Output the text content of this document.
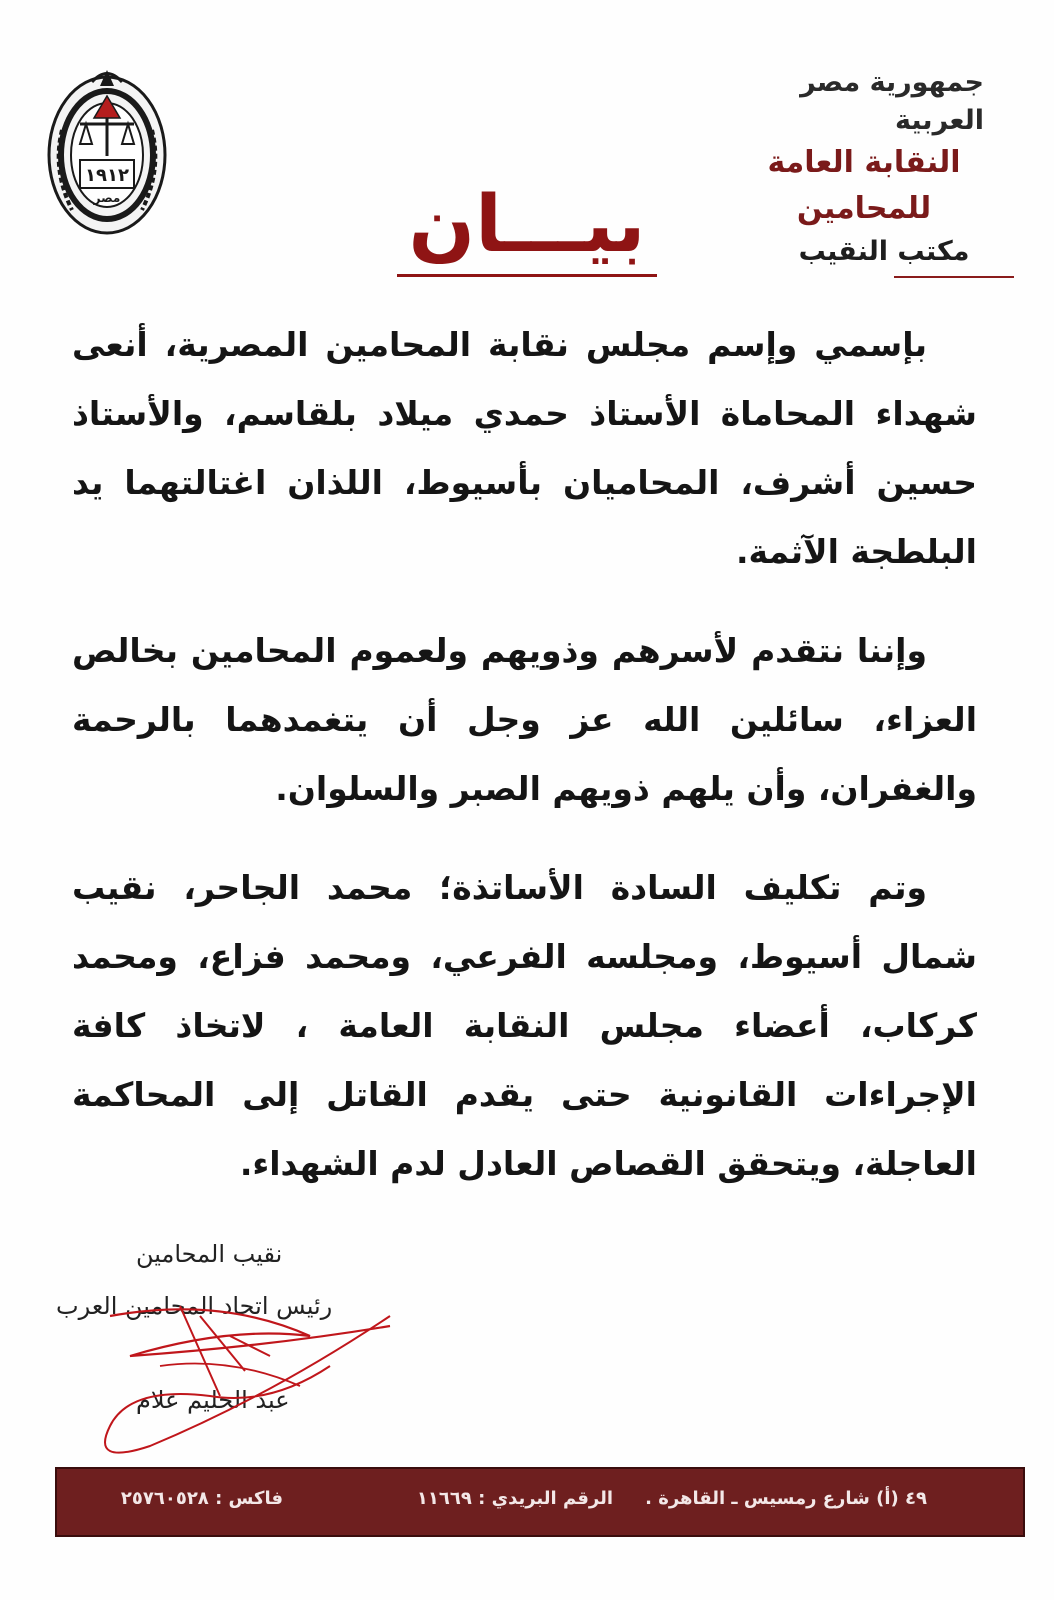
١٩١٢
مصر

جمهورية مصر العربية

النقابة العامة للمحامين

مكتب النقيب

بيـــان

بإسمي وإسم مجلس نقابة المحامين المصرية، أنعى شهداء المحاماة الأستاذ حمدي ميلاد بلقاسم، والأستاذ حسين أشرف، المحاميان بأسيوط، اللذان اغتالتهما يد البلطجة الآثمة.

وإننا نتقدم لأسرهم وذويهم ولعموم المحامين بخالص العزاء، سائلين الله عز وجل أن يتغمدهما بالرحمة والغفران، وأن يلهم ذويهم الصبر والسلوان.

وتم تكليف السادة الأساتذة؛ محمد الجاحر، نقيب شمال أسيوط، ومجلسه الفرعي، ومحمد فزاع، ومحمد كركاب، أعضاء مجلس النقابة العامة ، لاتخاذ كافة الإجراءات القانونية حتى يقدم القاتل إلى المحاكمة العاجلة، ويتحقق القصاص العادل لدم الشهداء.

نقيب المحامين
رئيس اتحاد المحامين العرب
عبد الحليم علام
٤٩ (أ) شارع رمسيس ـ القاهرة .
الرقم البريدي : ١١٦٦٩
فاكس : ٢٥٧٦٠٥٢٨
